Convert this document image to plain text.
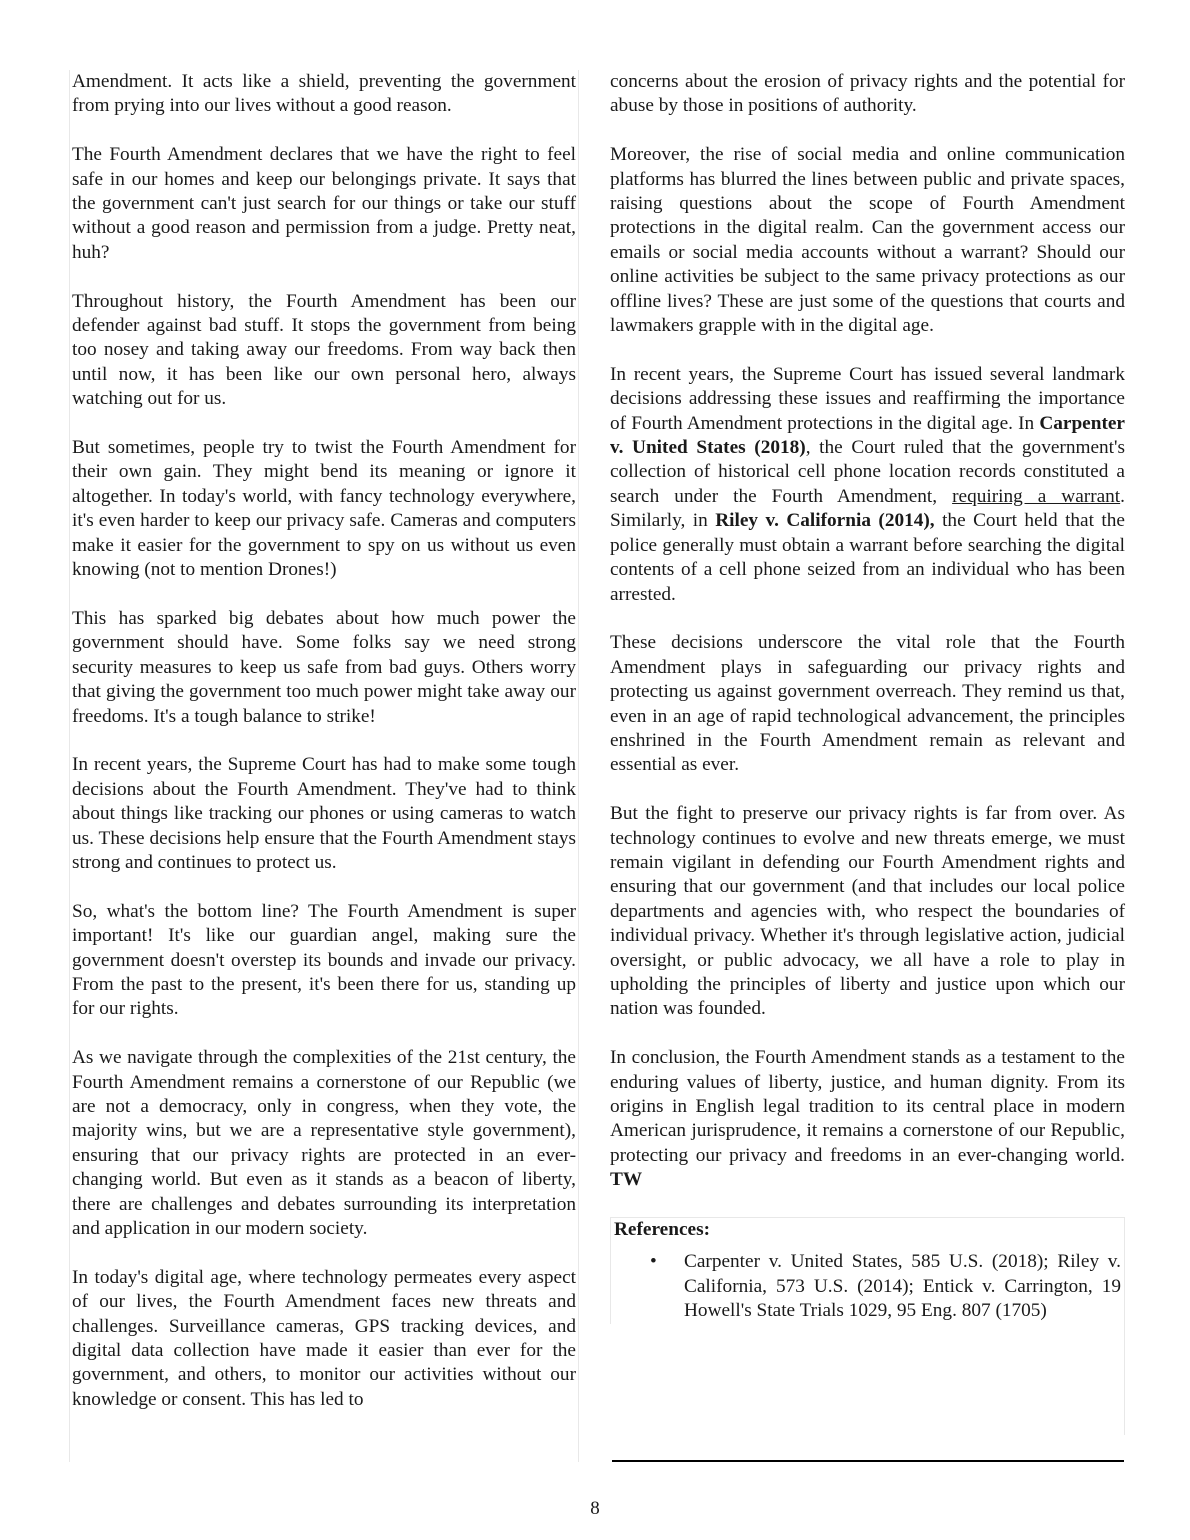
Amendment. It acts like a shield, preventing the government from prying into our lives without a good reason.

The Fourth Amendment declares that we have the right to feel safe in our homes and keep our belongings private. It says that the government can't just search for our things or take our stuff without a good reason and permission from a judge. Pretty neat, huh?

Throughout history, the Fourth Amendment has been our defender against bad stuff. It stops the government from being too nosey and taking away our freedoms. From way back then until now, it has been like our own personal hero, always watching out for us.

But sometimes, people try to twist the Fourth Amendment for their own gain. They might bend its meaning or ignore it altogether. In today's world, with fancy technology everywhere, it's even harder to keep our privacy safe. Cameras and computers make it easier for the government to spy on us without us even knowing (not to mention Drones!)

This has sparked big debates about how much power the government should have. Some folks say we need strong security measures to keep us safe from bad guys. Others worry that giving the government too much power might take away our freedoms. It's a tough balance to strike!

In recent years, the Supreme Court has had to make some tough decisions about the Fourth Amendment. They've had to think about things like tracking our phones or using cameras to watch us. These decisions help ensure that the Fourth Amendment stays strong and continues to protect us.

So, what's the bottom line? The Fourth Amendment is super important! It's like our guardian angel, making sure the government doesn't overstep its bounds and invade our privacy. From the past to the present, it's been there for us, standing up for our rights.

As we navigate through the complexities of the 21st century, the Fourth Amendment remains a cornerstone of our Republic (we are not a democracy, only in congress, when they vote, the majority wins, but we are a representative style government), ensuring that our privacy rights are protected in an ever-changing world. But even as it stands as a beacon of liberty, there are challenges and debates surrounding its interpretation and application in our modern society.

In today's digital age, where technology permeates every aspect of our lives, the Fourth Amendment faces new threats and challenges. Surveillance cameras, GPS tracking devices, and digital data collection have made it easier than ever for the government, and others, to monitor our activities without our knowledge or consent. This has led to

concerns about the erosion of privacy rights and the potential for abuse by those in positions of authority.

Moreover, the rise of social media and online communication platforms has blurred the lines between public and private spaces, raising questions about the scope of Fourth Amendment protections in the digital realm. Can the government access our emails or social media accounts without a warrant? Should our online activities be subject to the same privacy protections as our offline lives? These are just some of the questions that courts and lawmakers grapple with in the digital age.

In recent years, the Supreme Court has issued several landmark decisions addressing these issues and reaffirming the importance of Fourth Amendment protections in the digital age. In Carpenter v. United States (2018), the Court ruled that the government's collection of historical cell phone location records constituted a search under the Fourth Amendment, requiring a warrant. Similarly, in Riley v. California (2014), the Court held that the police generally must obtain a warrant before searching the digital contents of a cell phone seized from an individual who has been arrested.

These decisions underscore the vital role that the Fourth Amendment plays in safeguarding our privacy rights and protecting us against government overreach. They remind us that, even in an age of rapid technological advancement, the principles enshrined in the Fourth Amendment remain as relevant and essential as ever.

But the fight to preserve our privacy rights is far from over. As technology continues to evolve and new threats emerge, we must remain vigilant in defending our Fourth Amendment rights and ensuring that our government (and that includes our local police departments and agencies with, who respect the boundaries of individual privacy. Whether it's through legislative action, judicial oversight, or public advocacy, we all have a role to play in upholding the principles of liberty and justice upon which our nation was founded.

In conclusion, the Fourth Amendment stands as a testament to the enduring values of liberty, justice, and human dignity. From its origins in English legal tradition to its central place in modern American jurisprudence, it remains a cornerstone of our Republic, protecting our privacy and freedoms in an ever-changing world. TW

References:
• Carpenter v. United States, 585 U.S. (2018); Riley v. California, 573 U.S. (2014); Entick v. Carrington, 19 Howell's State Trials 1029, 95 Eng. 807 (1705)
8
